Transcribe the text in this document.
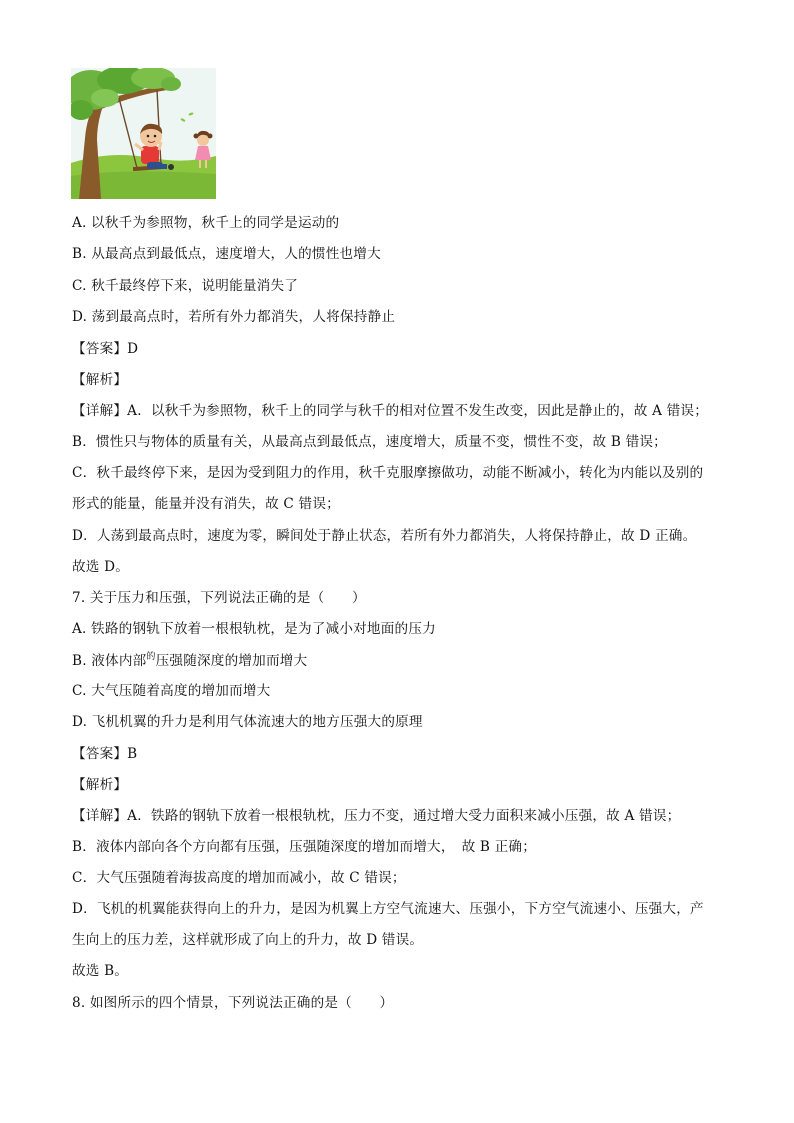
A. 以秋千为参照物，秋千上的同学是运动的
B. 从最高点到最低点，速度增大，人的惯性也增大
C. 秋千最终停下来，说明能量消失了
D. 荡到最高点时，若所有外力都消失，人将保持静止
【答案】D
【解析】
【详解】A．以秋千为参照物，秋千上的同学与秋千的相对位置不发生改变，因此是静止的，故 A 错误；
B．惯性只与物体的质量有关，从最高点到最低点，速度增大，质量不变，惯性不变，故 B 错误；
C．秋千最终停下来，是因为受到阻力的作用，秋千克服摩擦做功，动能不断减小，转化为内能以及别的
形式的能量，能量并没有消失，故 C 错误；
D．人荡到最高点时，速度为零，瞬间处于静止状态，若所有外力都消失，人将保持静止，故 D 正确。
故选 D。
7. 关于压力和压强，下列说法正确的是（　　）
A. 铁路的钢轨下放着一根根轨枕，是为了减小对地面的压力
B. 液体内部$^的$压强随深度的增加而增大
C. 大气压随着高度的增加而增大
D. 飞机机翼的升力是利用气体流速大的地方压强大的原理
【答案】B
【解析】
【详解】A．铁路的钢轨下放着一根根轨枕，压力不变，通过增大受力面积来减小压强，故 A 错误；
B．液体内部向各个方向都有压强，压强随深度的增加而增大，　故 B 正确；
C．大气压强随着海拔高度的增加而减小，故 C 错误；
D．飞机的机翼能获得向上的升力，是因为机翼上方空气流速大、压强小，下方空气流速小、压强大，产
生向上的压力差，这样就形成了向上的升力，故 D 错误。
故选 B。
8. 如图所示的四个情景，下列说法正确的是（　　）
